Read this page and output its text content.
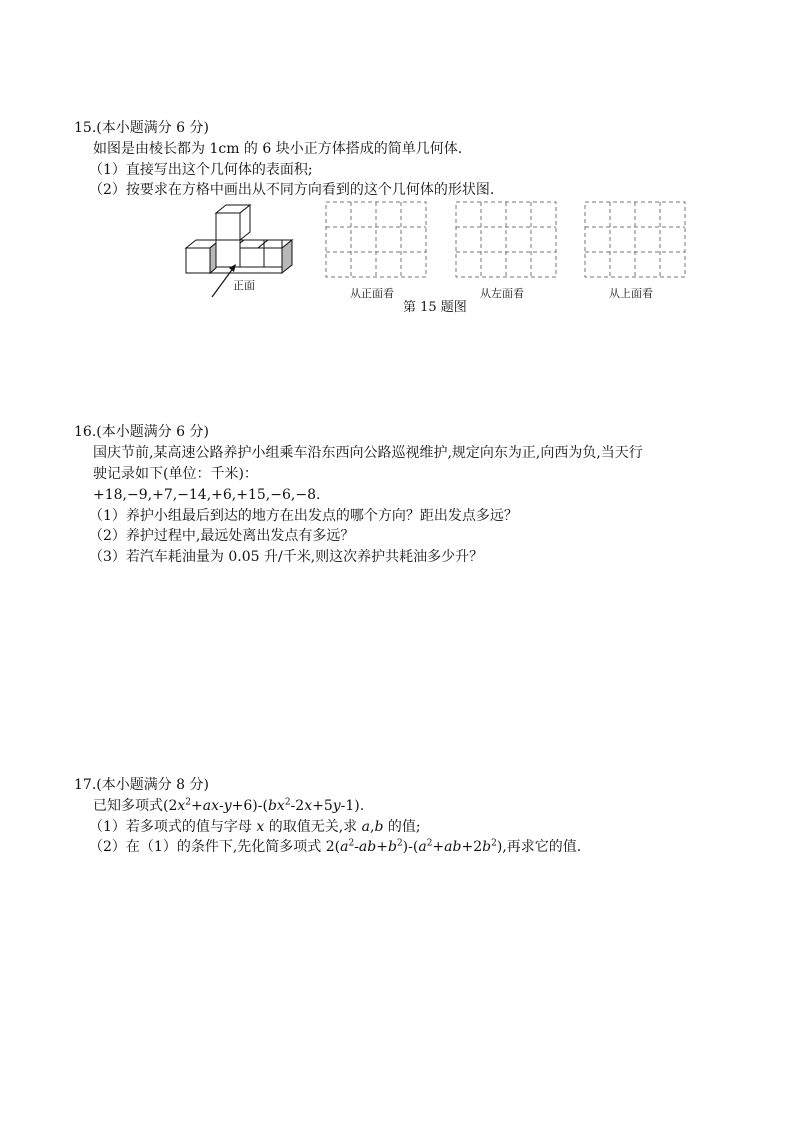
15.(本小题满分 6 分)
如图是由棱长都为 1cm 的 6 块小正方体搭成的简单几何体.
（1）直接写出这个几何体的表面积;
（2）按要求在方格中画出从不同方向看到的这个几何体的形状图.
正面
从正面看	从左面看	从上面看
第 15 题图
16.(本小题满分 6 分)
国庆节前,某高速公路养护小组乘车沿东西向公路巡视维护,规定向东为正,向西为负,当天行
驶记录如下(单位：千米)：
+18,−9,+7,−14,+6,+15,−6,−8.
（1）养护小组最后到达的地方在出发点的哪个方向？距出发点多远？
（2）养护过程中,最远处离出发点有多远？
（3）若汽车耗油量为 0.05 升/千米,则这次养护共耗油多少升？
17.(本小题满分 8 分)
已知多项式$(2x^2+ax-y+6)-(bx^2-2x+5y-1)$.
（1）若多项式的值与字母 x 的取值无关,求 a,b 的值;
（2）在（1）的条件下,先化简多项式 $2(a^2-ab+b^2)-(a^2+ab+2b^2)$,再求它的值.
